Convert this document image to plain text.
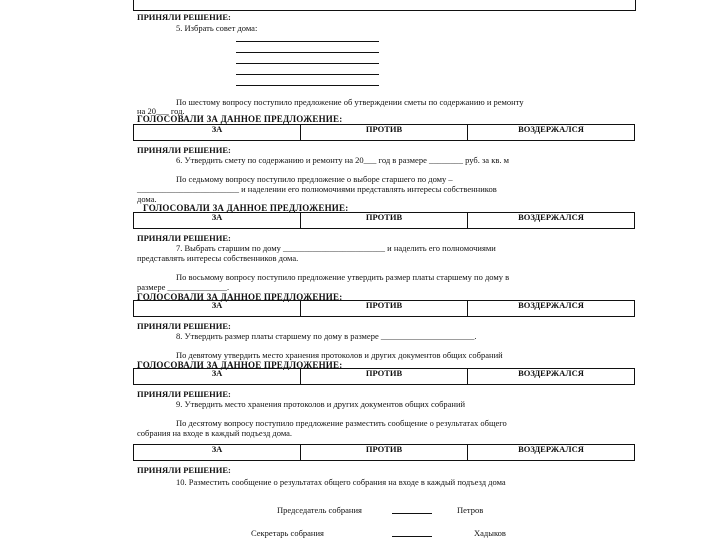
ПРИНЯЛИ РЕШЕНИЕ:
5. Избрать совет дома:
По шестому вопросу поступило предложение об утверждении сметы по содержанию и ремонту
на 20___ год.
ГОЛОСОВАЛИ ЗА ДАННОЕ ПРЕДЛОЖЕНИЕ:
ЗА	ПРОТИВ	ВОЗДЕРЖАЛСЯ
ПРИНЯЛИ РЕШЕНИЕ:
6. Утвердить смету по содержанию и ремонту на 20___ год в размере ________ руб. за кв. м
По седьмому вопросу поступило предложение о выборе старшего по дому –
________________________ и наделении его полномочиями представлять интересы собственников
дома.
ГОЛОСОВАЛИ ЗА ДАННОЕ ПРЕДЛОЖЕНИЕ:
ЗА	ПРОТИВ	ВОЗДЕРЖАЛСЯ
ПРИНЯЛИ РЕШЕНИЕ:
7. Выбрать старшим по дому ________________________ и наделить его полномочиями
представлять интересы собственников дома.
По восьмому вопросу поступило предложение утвердить размер платы старшему по дому в
размере ______________.
ГОЛОСОВАЛИ ЗА ДАННОЕ ПРЕДЛОЖЕНИЕ:
ЗА	ПРОТИВ	ВОЗДЕРЖАЛСЯ
ПРИНЯЛИ РЕШЕНИЕ:
8. Утвердить размер платы старшему по дому в размере ______________________.
По девятому утвердить место хранения протоколов и других документов общих собраний
ГОЛОСОВАЛИ ЗА ДАННОЕ ПРЕДЛОЖЕНИЕ:
ЗА	ПРОТИВ	ВОЗДЕРЖАЛСЯ
ПРИНЯЛИ РЕШЕНИЕ:
9. Утвердить место хранения протоколов и других документов общих собраний
По десятому вопросу поступило предложение разместить сообщение о результатах общего
собрания на входе в каждый подъезд дома.
ЗА	ПРОТИВ	ВОЗДЕРЖАЛСЯ
ПРИНЯЛИ РЕШЕНИЕ:
10. Разместить сообщение о результатах общего собрания на входе в каждый подъезд дома
Председатель собрания	Петров
Секретарь собрания	Хадыков
